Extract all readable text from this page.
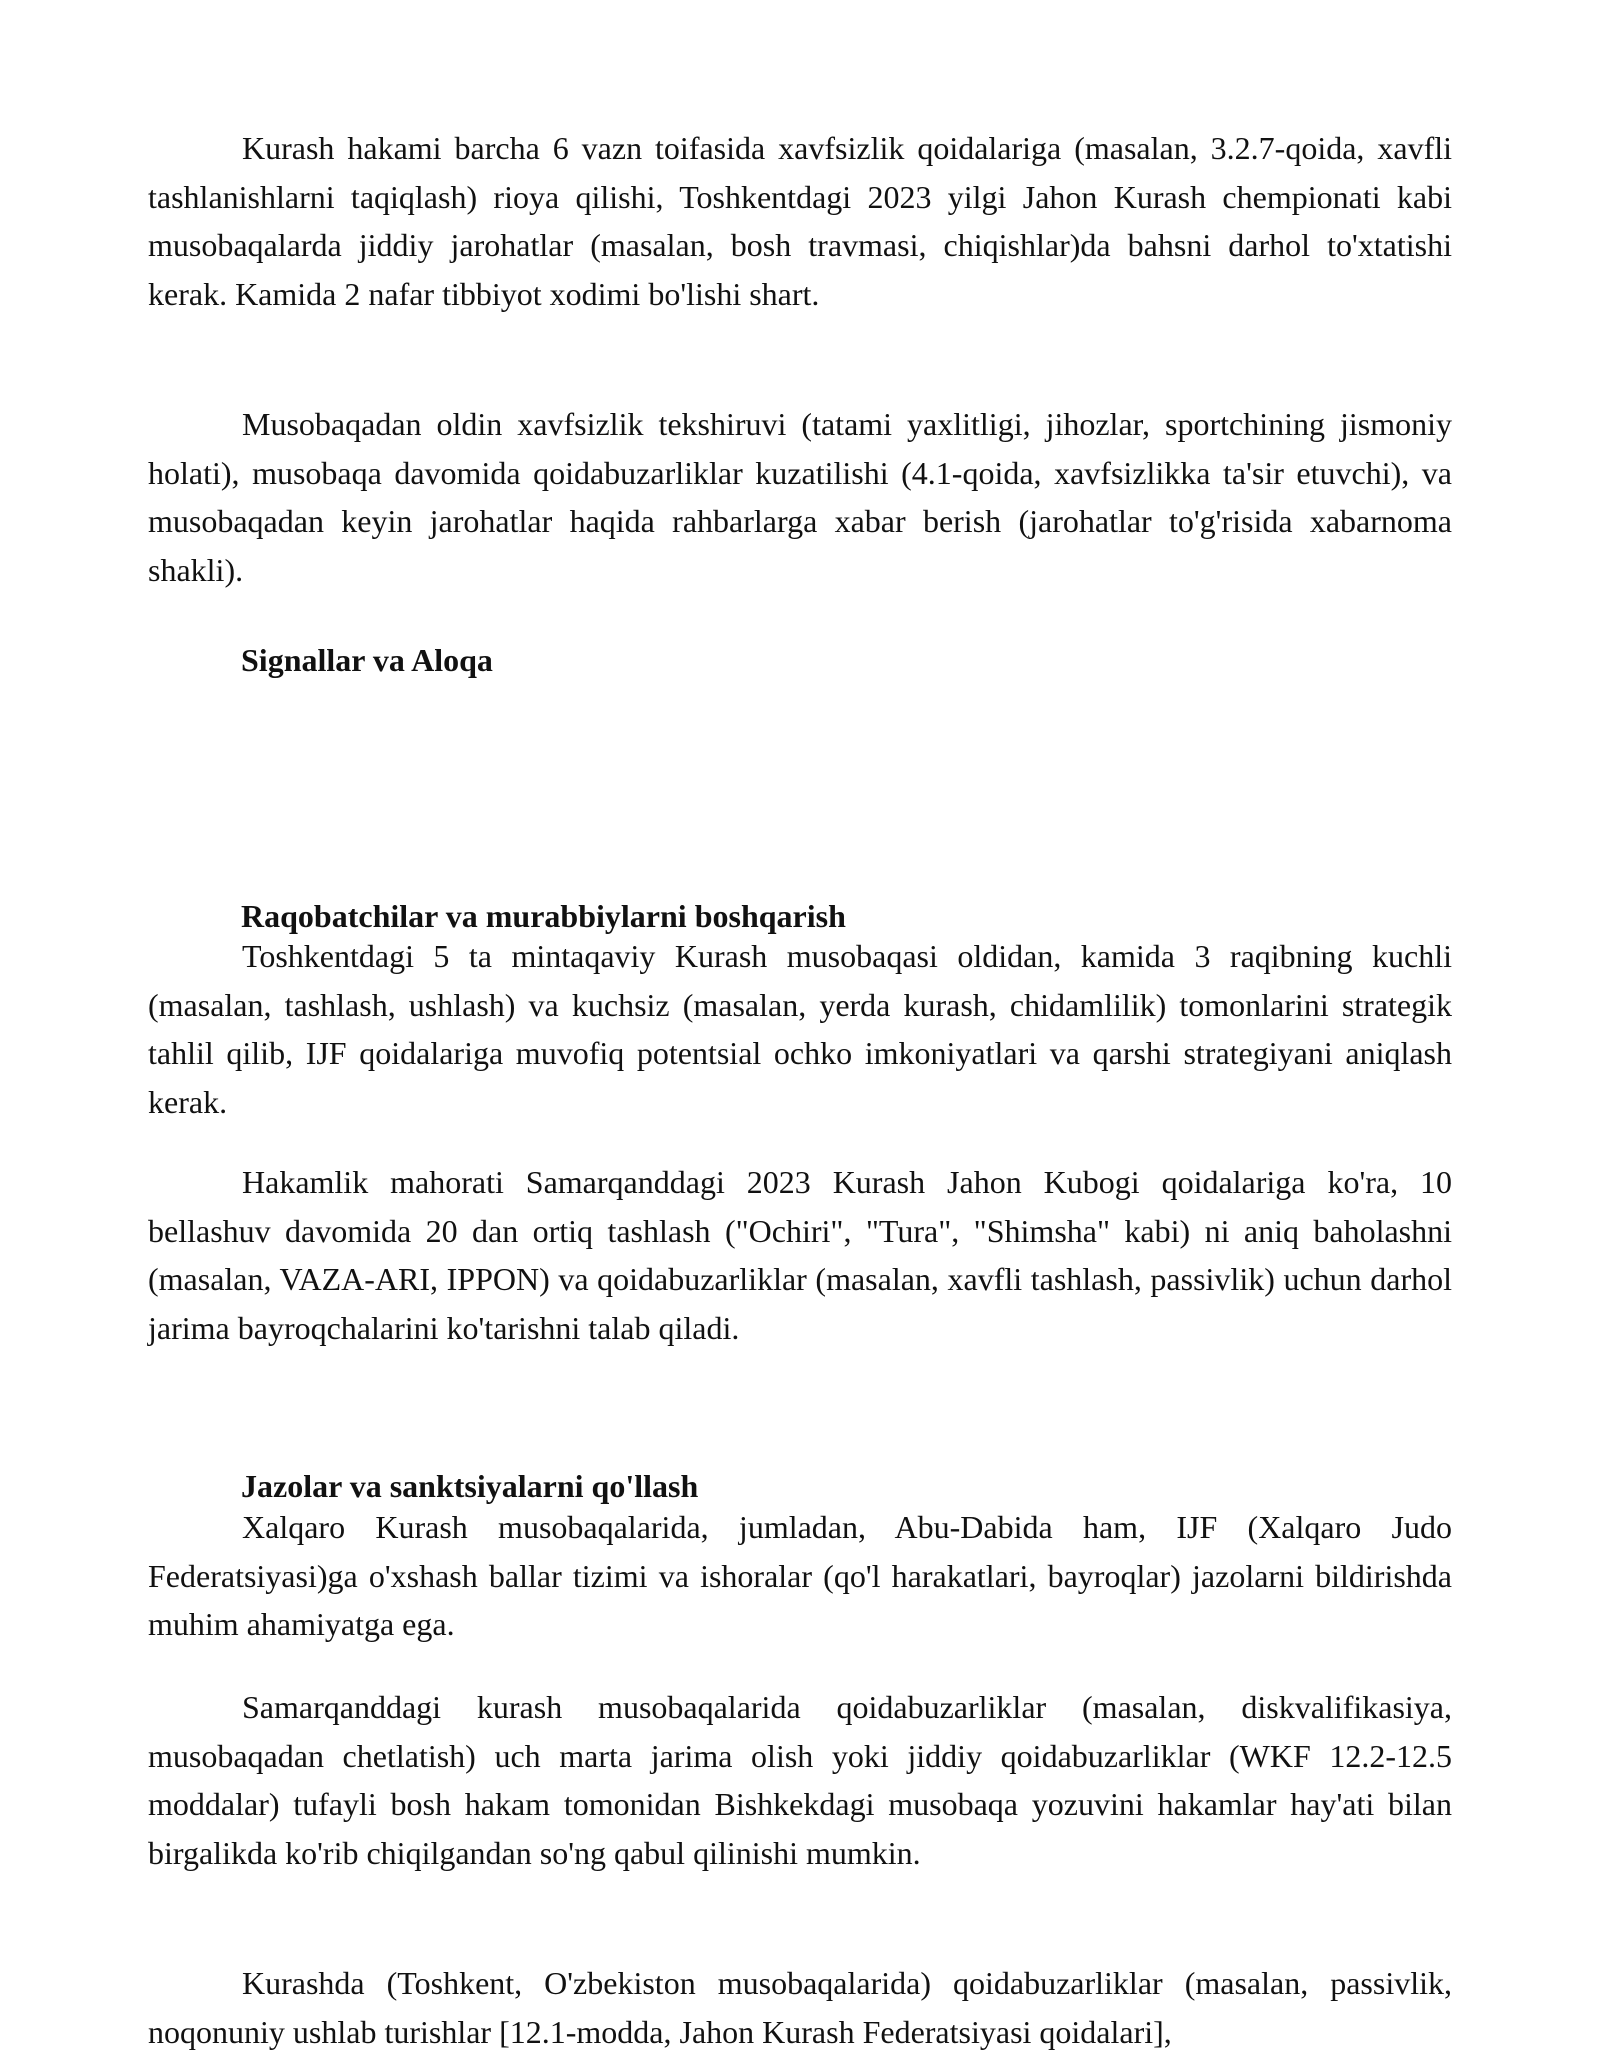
Kurash hakami barcha 6 vazn toifasida xavfsizlik qoidalariga (masalan, 3.2.7-qoida, xavfli tashlanishlarni taqiqlash) rioya qilishi, Toshkentdagi 2023 yilgi Jahon Kurash chempionati kabi musobaqalarda jiddiy jarohatlar (masalan, bosh travmasi, chiqishlar)da bahsni darhol to'xtatishi kerak. Kamida 2 nafar tibbiyot xodimi bo'lishi shart.

Musobaqadan oldin xavfsizlik tekshiruvi (tatami yaxlitligi, jihozlar, sportchining jismoniy holati), musobaqa davomida qoidabuzarliklar kuzatilishi (4.1-qoida, xavfsizlikka ta'sir etuvchi), va musobaqadan keyin jarohatlar haqida rahbarlarga xabar berish (jarohatlar to'g'risida xabarnoma shakli).

Signallar va Aloqa
Raqobatchilar va murabbiylarni boshqarish

Toshkentdagi 5 ta mintaqaviy Kurash musobaqasi oldidan, kamida 3 raqibning kuchli (masalan, tashlash, ushlash) va kuchsiz (masalan, yerda kurash, chidamlilik) tomonlarini strategik tahlil qilib, IJF qoidalariga muvofiq potentsial ochko imkoniyatlari va qarshi strategiyani aniqlash kerak.

Hakamlik mahorati Samarqanddagi 2023 Kurash Jahon Kubogi qoidalariga ko'ra, 10 bellashuv davomida 20 dan ortiq tashlash ("Ochiri", "Tura", "Shimsha" kabi) ni aniq baholashni (masalan, VAZA-ARI, IPPON) va qoidabuzarliklar (masalan, xavfli tashlash, passivlik) uchun darhol jarima bayroqchalarini ko'tarishni talab qiladi.

Jazolar va sanktsiyalarni qo'llash

Xalqaro Kurash musobaqalarida, jumladan, Abu-Dabida ham, IJF (Xalqaro Judo Federatsiyasi)ga o'xshash ballar tizimi va ishoralar (qo'l harakatlari, bayroqlar) jazolarni bildirishda muhim ahamiyatga ega.

Samarqanddagi kurash musobaqalarida qoidabuzarliklar (masalan, diskvalifikasiya, musobaqadan chetlatish) uch marta jarima olish yoki jiddiy qoidabuzarliklar (WKF 12.2-12.5 moddalar) tufayli bosh hakam tomonidan Bishkekdagi musobaqa yozuvini hakamlar hay'ati bilan birgalikda ko'rib chiqilgandan so'ng qabul qilinishi mumkin.

Kurashda (Toshkent, O'zbekiston musobaqalarida) qoidabuzarliklar (masalan, passivlik, noqonuniy ushlab turishlar [12.1-modda, Jahon Kurash Federatsiyasi qoidalari],
